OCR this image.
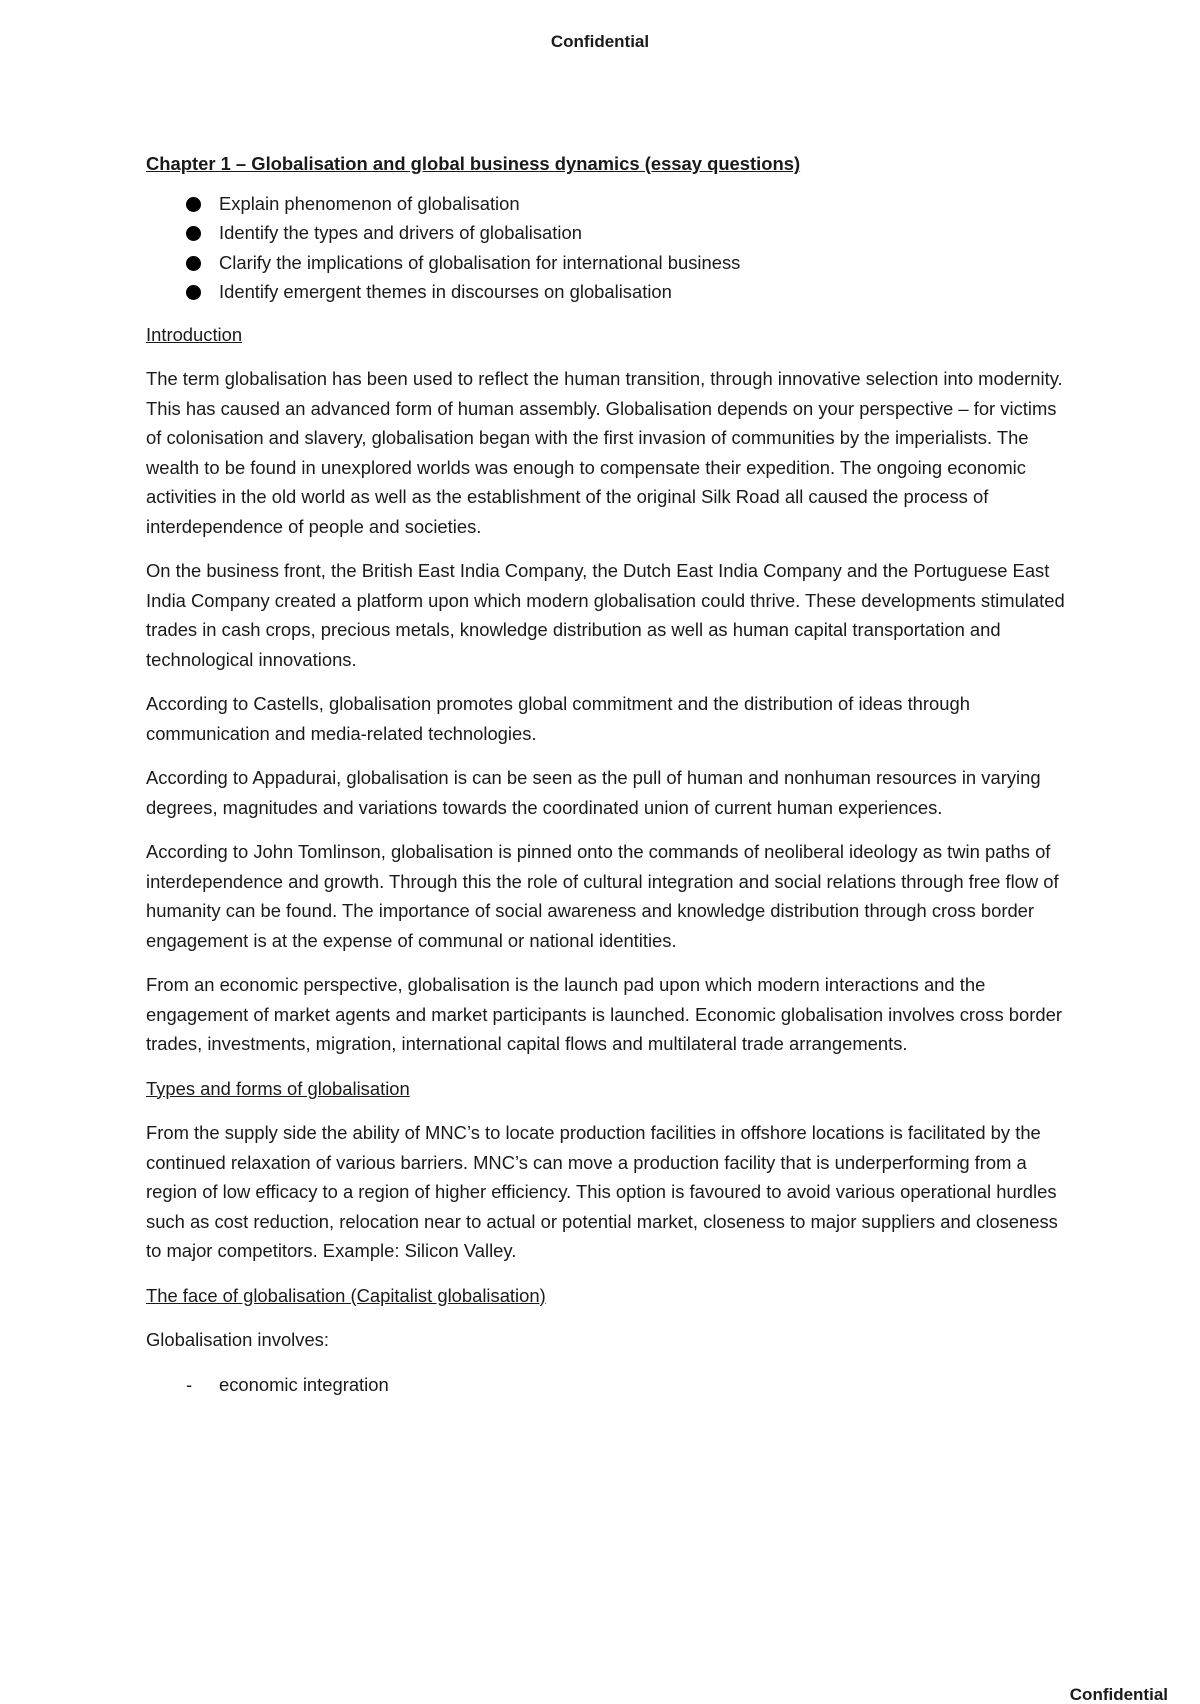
Confidential

Chapter 1 – Globalisation and global business dynamics (essay questions)

Explain phenomenon of globalisation
Identify the types and drivers of globalisation
Clarify the implications of globalisation for international business
Identify emergent themes in discourses on globalisation

Introduction

The term globalisation has been used to reflect the human transition, through innovative selection into modernity. This has caused an advanced form of human assembly. Globalisation depends on your perspective – for victims of colonisation and slavery, globalisation began with the first invasion of communities by the imperialists. The wealth to be found in unexplored worlds was enough to compensate their expedition. The ongoing economic activities in the old world as well as the establishment of the original Silk Road all caused the process of interdependence of people and societies.

On the business front, the British East India Company, the Dutch East India Company and the Portuguese East India Company created a platform upon which modern globalisation could thrive. These developments stimulated trades in cash crops, precious metals, knowledge distribution as well as human capital transportation and technological innovations.

According to Castells, globalisation promotes global commitment and the distribution of ideas through communication and media-related technologies.

According to Appadurai, globalisation is can be seen as the pull of human and nonhuman resources in varying degrees, magnitudes and variations towards the coordinated union of current human experiences.

According to John Tomlinson, globalisation is pinned onto the commands of neoliberal ideology as twin paths of interdependence and growth. Through this the role of cultural integration and social relations through free flow of humanity can be found. The importance of social awareness and knowledge distribution through cross border engagement is at the expense of communal or national identities.

From an economic perspective, globalisation is the launch pad upon which modern interactions and the engagement of market agents and market participants is launched. Economic globalisation involves cross border trades, investments, migration, international capital flows and multilateral trade arrangements.

Types and forms of globalisation

From the supply side the ability of MNC’s to locate production facilities in offshore locations is facilitated by the continued relaxation of various barriers. MNC’s can move a production facility that is underperforming from a region of low efficacy to a region of higher efficiency. This option is favoured to avoid various operational hurdles such as cost reduction, relocation near to actual or potential market, closeness to major suppliers and closeness to major competitors. Example: Silicon Valley.

The face of globalisation (Capitalist globalisation)

Globalisation involves:

- economic integration

Confidential
